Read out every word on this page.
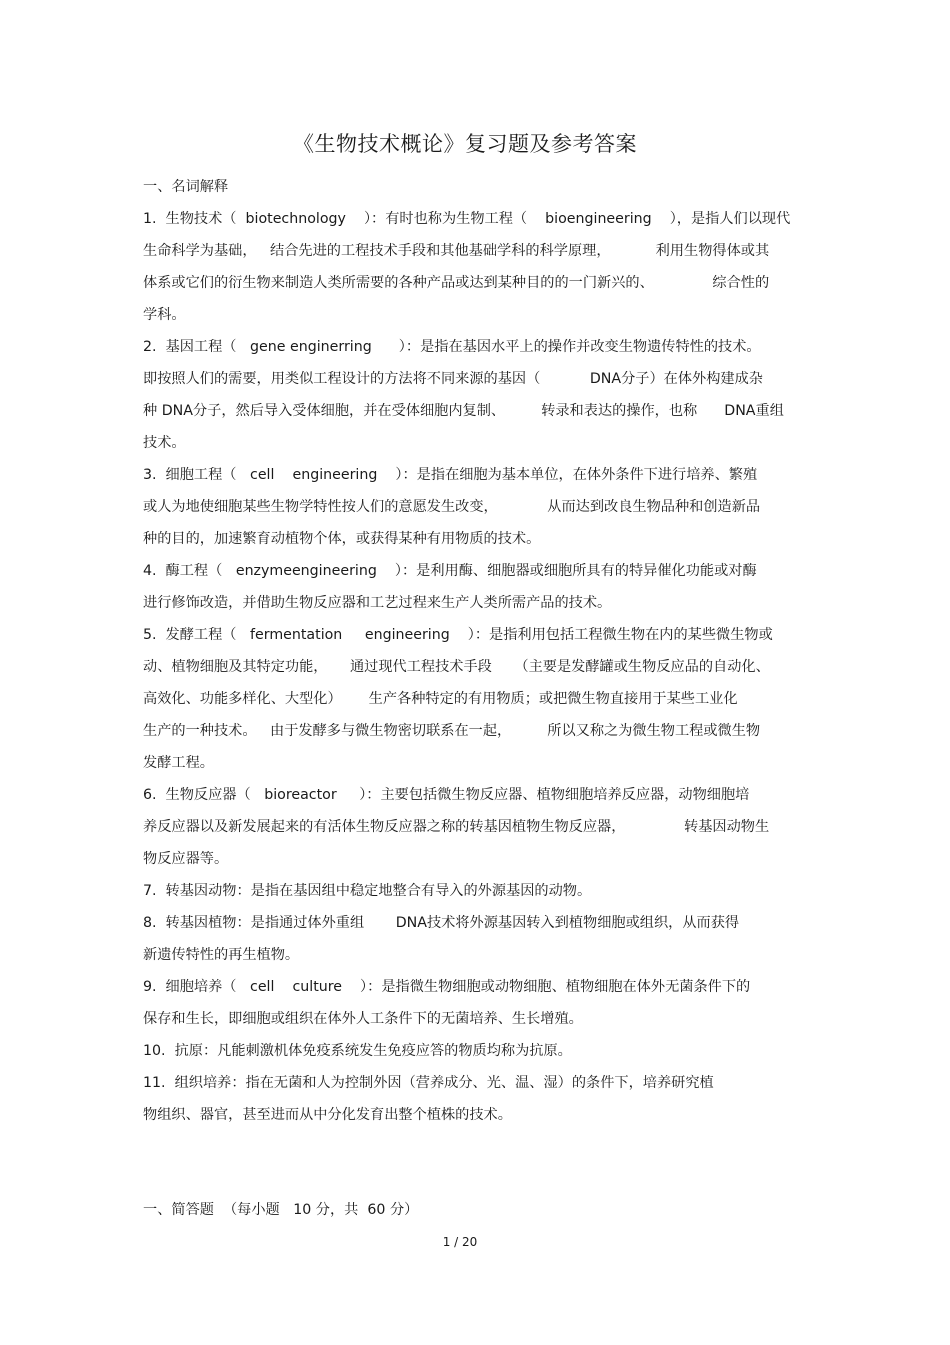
《生物技术概论》复习题及参考答案
一、名词解释
1.  生物技术（  biotechnology    ）：有时也称为生物工程（    bioengineering    ），是指人们以现代
生命科学为基础，   结合先进的工程技术手段和其他基础学科的科学原理，          利用生物得体或其
体系或它们的衍生物来制造人类所需要的各种产品或达到某种目的的一门新兴的、             综合性的
学科。
2.  基因工程（   gene enginerring      ）：是指在基因水平上的操作并改变生物遗传特性的技术。
即按照人们的需要，用类似工程设计的方法将不同来源的基因（           DNA分子）在体外构建成杂
种 DNA分子，然后导入受体细胞，并在受体细胞内复制、        转录和表达的操作，也称      DNA重组
技术。
3.  细胞工程（   cell    engineering    ）：是指在细胞为基本单位，在体外条件下进行培养、繁殖
或人为地使细胞某些生物学特性按人们的意愿发生改变，           从而达到改良生物品种和创造新品
种的目的，加速繁育动植物个体，或获得某种有用物质的技术。
4.  酶工程（   enzymeengineering    ）：是利用酶、细胞器或细胞所具有的特异催化功能或对酶
进行修饰改造，并借助生物反应器和工艺过程来生产人类所需产品的技术。
5.  发酵工程（   fermentation     engineering    ）：是指利用包括工程微生物在内的某些微生物或
动、植物细胞及其特定功能，     通过现代工程技术手段     （主要是发酵罐或生物反应品的自动化、
高效化、功能多样化、大型化）      生产各种特定的有用物质；或把微生物直接用于某些工业化
生产的一种技术。   由于发酵多与微生物密切联系在一起，        所以又称之为微生物工程或微生物
发酵工程。
6.  生物反应器（   bioreactor     ）：主要包括微生物反应器、植物细胞培养反应器，动物细胞培
养反应器以及新发展起来的有活体生物反应器之称的转基因植物生物反应器，             转基因动物生
物反应器等。
7.  转基因动物：是指在基因组中稳定地整合有导入的外源基因的动物。
8.  转基因植物：是指通过体外重组       DNA技术将外源基因转入到植物细胞或组织，从而获得
新遗传特性的再生植物。
9.  细胞培养（   cell    culture    ）：是指微生物细胞或动物细胞、植物细胞在体外无菌条件下的
保存和生长，即细胞或组织在体外人工条件下的无菌培养、生长增殖。
10.  抗原：凡能刺激机体免疫系统发生免疫应答的物质均称为抗原。
11.  组织培养：指在无菌和人为控制外因（营养成分、光、温、湿）的条件下，培养研究植
物组织、器官，甚至进而从中分化发育出整个植株的技术。
一、简答题  （每小题   10 分，共  60 分）
1 / 20
